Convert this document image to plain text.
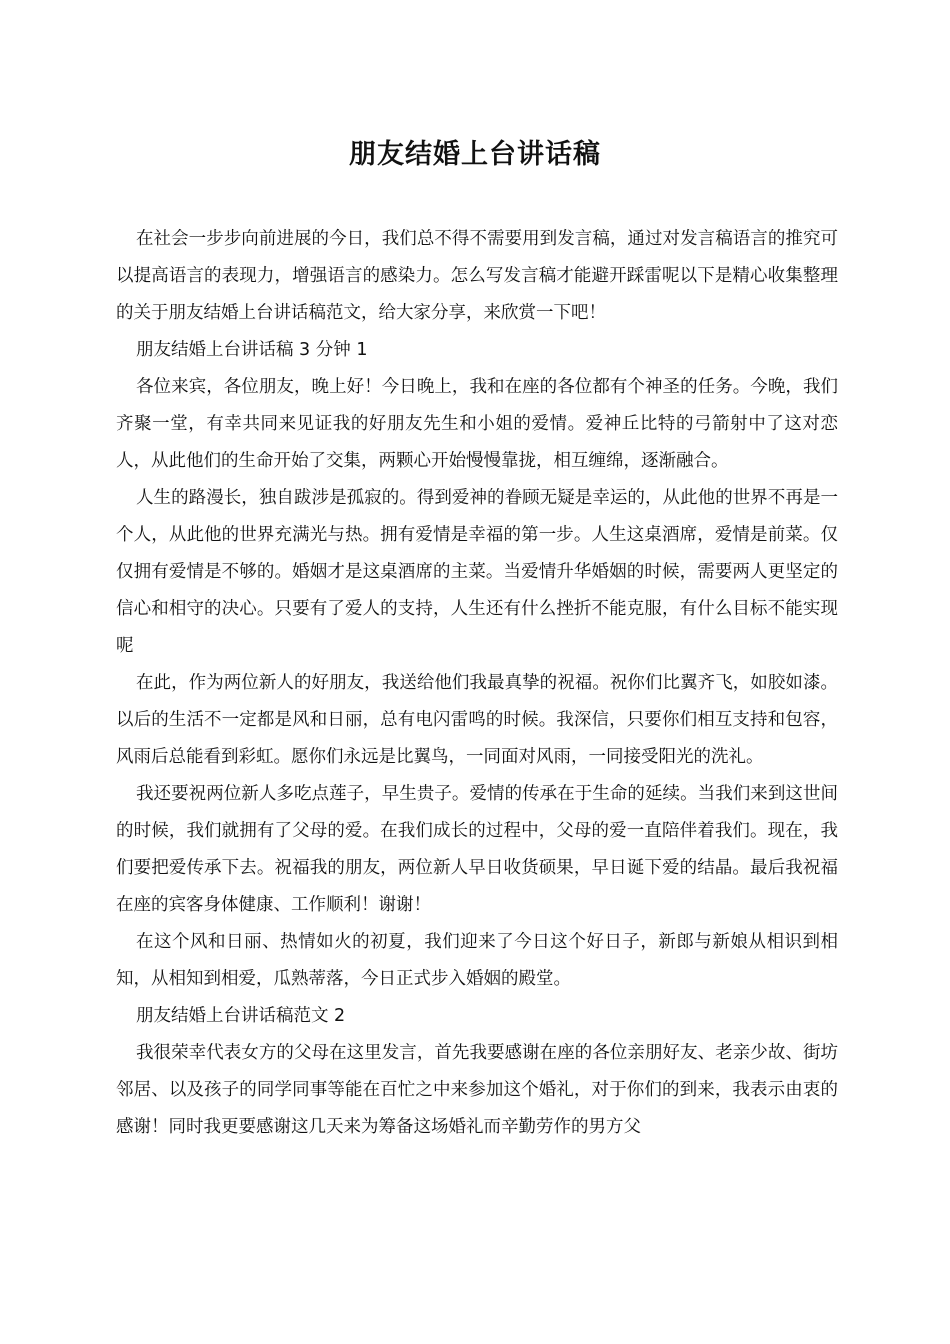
朋友结婚上台讲话稿

在社会一步步向前进展的今日，我们总不得不需要用到发言稿，通过对发言稿语言的推究可以提高语言的表现力，增强语言的感染力。怎么写发言稿才能避开踩雷呢以下是精心收集整理的关于朋友结婚上台讲话稿范文，给大家分享，来欣赏一下吧！

朋友结婚上台讲话稿 3 分钟 1

各位来宾，各位朋友，晚上好！今日晚上，我和在座的各位都有个神圣的任务。今晚，我们齐聚一堂，有幸共同来见证我的好朋友先生和小姐的爱情。爱神丘比特的弓箭射中了这对恋人，从此他们的生命开始了交集，两颗心开始慢慢靠拢，相互缠绵，逐渐融合。

人生的路漫长，独自跋涉是孤寂的。得到爱神的眷顾无疑是幸运的，从此他的世界不再是一个人，从此他的世界充满光与热。拥有爱情是幸福的第一步。人生这桌酒席，爱情是前菜。仅仅拥有爱情是不够的。婚姻才是这桌酒席的主菜。当爱情升华婚姻的时候，需要两人更坚定的信心和相守的决心。只要有了爱人的支持，人生还有什么挫折不能克服，有什么目标不能实现呢

在此，作为两位新人的好朋友，我送给他们我最真挚的祝福。祝你们比翼齐飞，如胶如漆。以后的生活不一定都是风和日丽，总有电闪雷鸣的时候。我深信，只要你们相互支持和包容，风雨后总能看到彩虹。愿你们永远是比翼鸟，一同面对风雨，一同接受阳光的洗礼。

我还要祝两位新人多吃点莲子，早生贵子。爱情的传承在于生命的延续。当我们来到这世间的时候，我们就拥有了父母的爱。在我们成长的过程中，父母的爱一直陪伴着我们。现在，我们要把爱传承下去。祝福我的朋友，两位新人早日收货硕果，早日诞下爱的结晶。最后我祝福在座的宾客身体健康、工作顺利！谢谢！

在这个风和日丽、热情如火的初夏，我们迎来了今日这个好日子，新郎与新娘从相识到相知，从相知到相爱，瓜熟蒂落，今日正式步入婚姻的殿堂。

朋友结婚上台讲话稿范文 2

我很荣幸代表女方的父母在这里发言，首先我要感谢在座的各位亲朋好友、老亲少故、街坊邻居、以及孩子的同学同事等能在百忙之中来参加这个婚礼，对于你们的到来，我表示由衷的感谢！同时我更要感谢这几天来为筹备这场婚礼而辛勤劳作的男方父
